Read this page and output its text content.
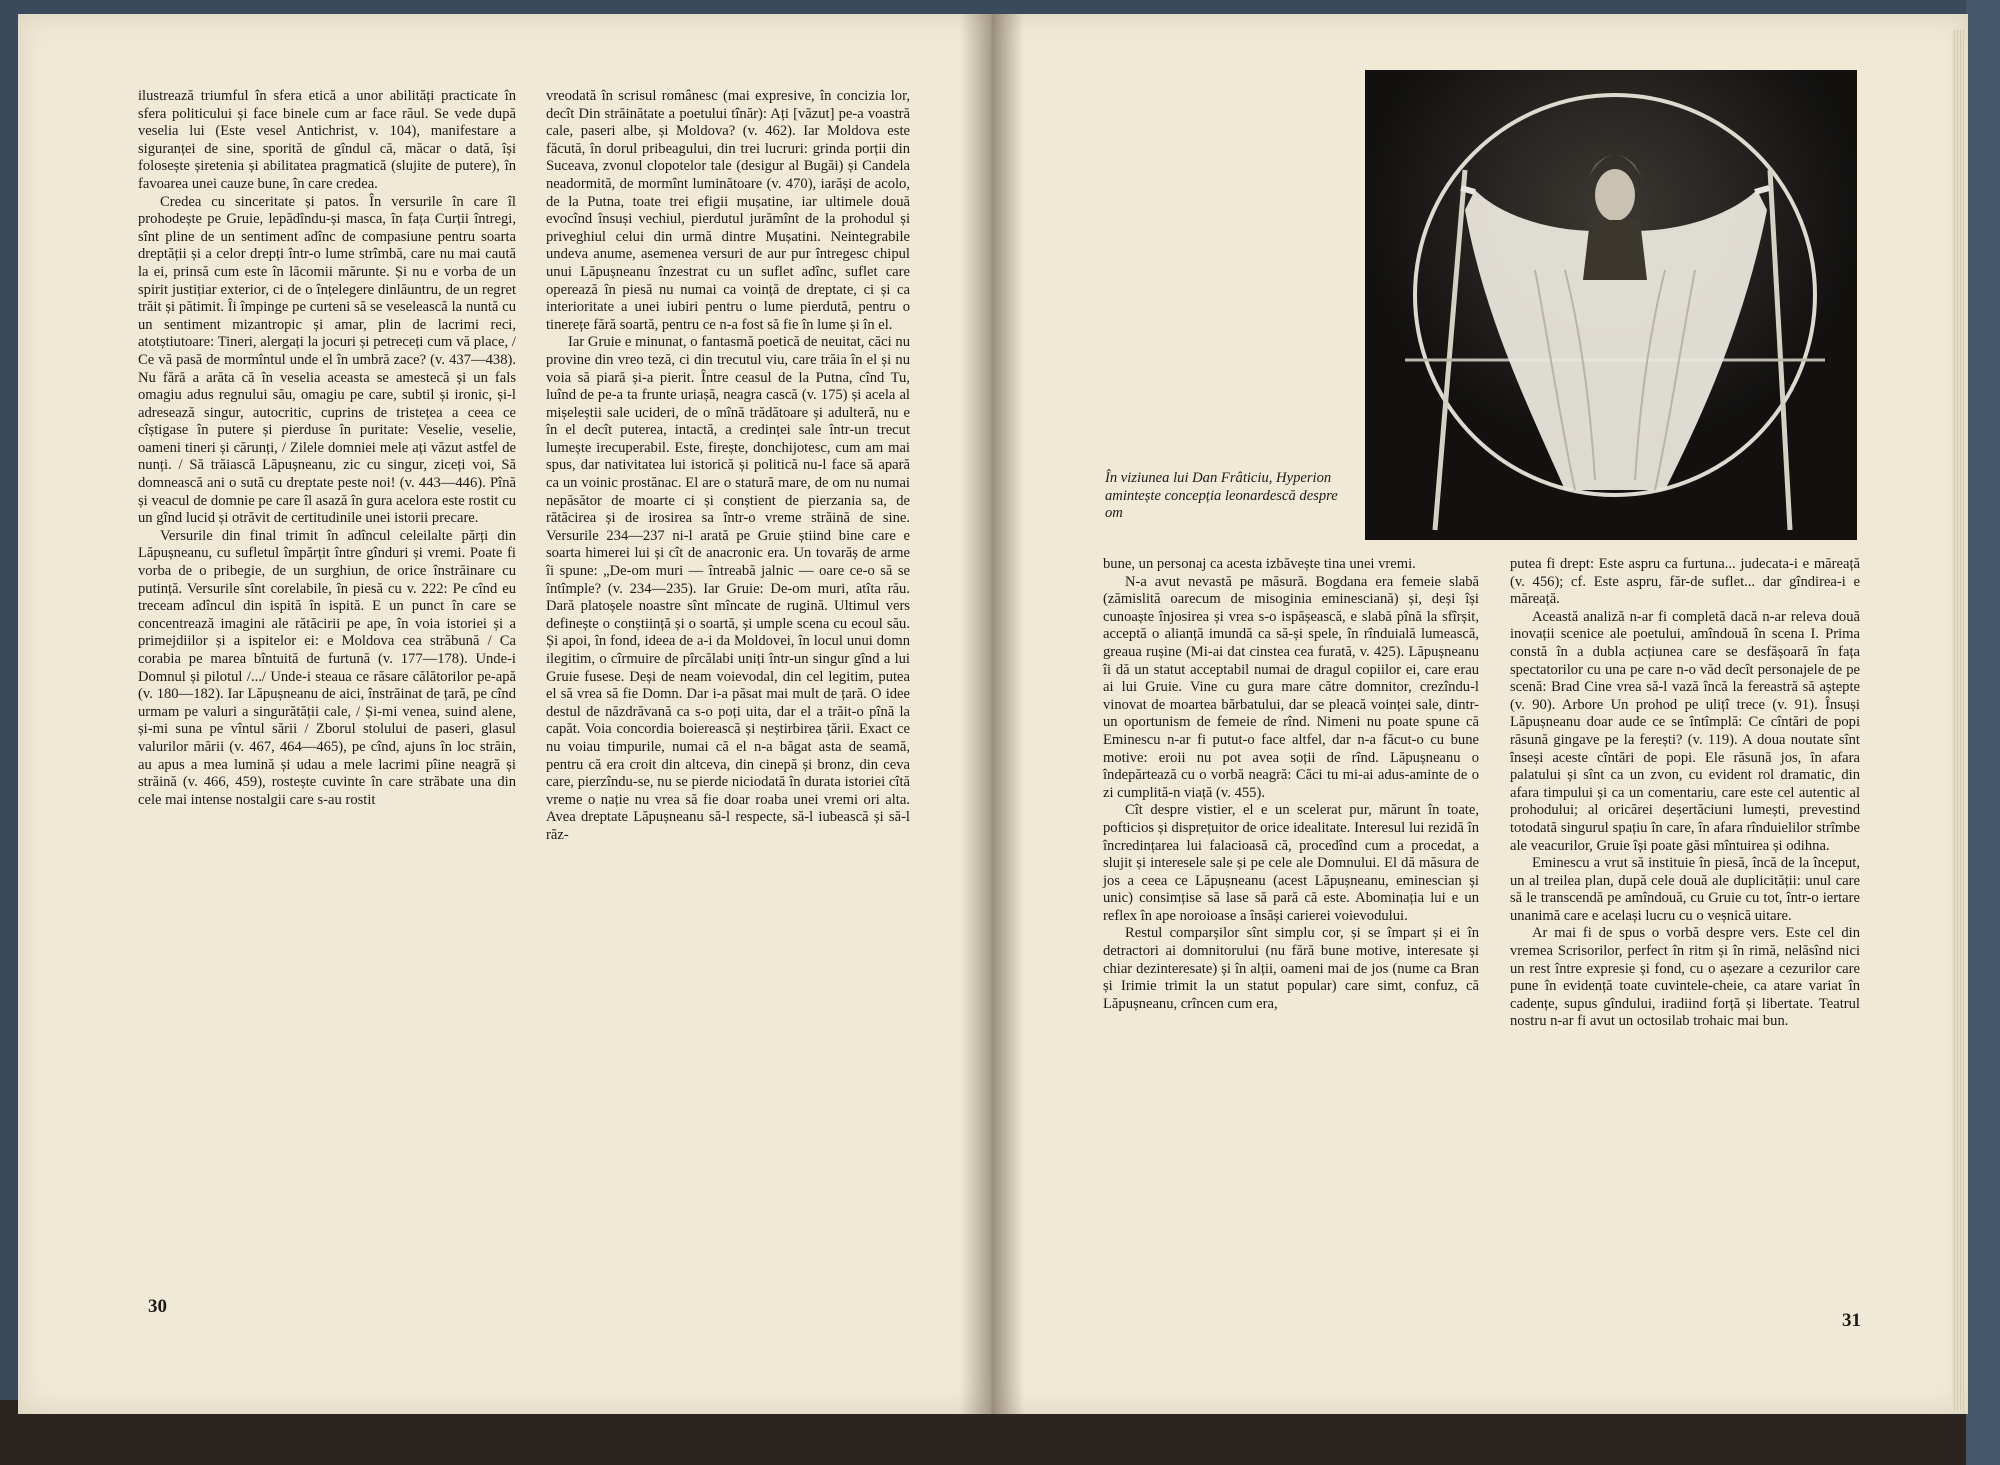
ilustrează triumful în sfera etică a unor abilități practicate în sfera politicului și face binele cum ar face răul. Se vede după veselia lui (Este vesel Antichrist, v. 104), manifestare a siguranței de sine, sporită de gîndul că, măcar o dată, își folosește șiretenia și abilitatea pragmatică (slujite de putere), în favoarea unei cauze bune, în care credea.

Credea cu sinceritate și patos. În versurile în care îl prohodește pe Gruie, lepădîndu-și masca, în fața Curții întregi, sînt pline de un sentiment adînc de compasiune pentru soarta dreptății și a celor drepți într-o lume strîmbă, care nu mai caută la ei, prinsă cum este în lăcomii mărunte. Și nu e vorba de un spirit justițiar exterior, ci de o înțelegere dinlăuntru, de un regret trăit și pătimit. Îi împinge pe curteni să se veselească la nuntă cu un sentiment mizantropic și amar, plin de lacrimi reci, atotștiutoare: Tineri, alergați la jocuri și petreceți cum vă place, / Ce vă pasă de mormîntul unde el în umbră zace? (v. 437—438). Nu fără a arăta că în veselia aceasta se amestecă și un fals omagiu adus regnului său, omagiu pe care, subtil și ironic, și-l adresează singur, autocritic, cuprins de tristețea a ceea ce cîștigase în putere și pierduse în puritate: Veselie, veselie, oameni tineri și cărunți, / Zilele domniei mele ați văzut astfel de nunți. / Să trăiască Lăpușneanu, zic cu singur, ziceți voi, Să domnească ani o sută cu dreptate peste noi! (v. 443—446). Pînă și veacul de domnie pe care îl asază în gura acelora este rostit cu un gînd lucid și otrăvit de certitudinile unei istorii precare.

Versurile din final trimit în adîncul celeilalte părți din Lăpușneanu, cu sufletul împărțit între gînduri și vremi. Poate fi vorba de o pribegie, de un surghiun, de orice înstrăinare cu putință. Versurile sînt corelabile, în piesă cu v. 222: Pe cînd eu treceam adîncul din ispită în ispită. E un punct în care se concentrează imagini ale rătăcirii pe ape, în voia istoriei și a primejdiilor și a ispitelor ei: e Moldova cea străbună / Ca corabia pe marea bîntuită de furtună (v. 177—178). Unde-i Domnul și pilotul /.../ Unde-i steaua ce răsare călătorilor pe-apă (v. 180—182). Iar Lăpușneanu de aici, înstrăinat de țară, pe cînd urmam pe valuri a singurătății cale, / Și-mi venea, suind alene, și-mi suna pe vîntul sării / Zborul stolului de paseri, glasul valurilor mării (v. 467, 464—465), pe cînd, ajuns în loc străin, au apus a mea lumină și udau a mele lacrimi pîine neagră și străină (v. 466, 459), rostește cuvinte în care străbate una din cele mai intense nostalgii care s-au rostit

vreodată în scrisul românesc (mai expresive, în concizia lor, decît Din străinătate a poetului tînăr): Ați [văzut] pe-a voastră cale, paseri albe, și Moldova? (v. 462). Iar Moldova este făcută, în dorul pribeagului, din trei lucruri: grinda porții din Suceava, zvonul clopotelor tale (desigur al Bugăi) și Candela neadormită, de mormînt luminătoare (v. 470), iarăși de acolo, de la Putna, toate trei efigii mușatine, iar ultimele două evocînd însuși vechiul, pierdutul jurămînt de la prohodul și priveghiul celui din urmă dintre Mușatini. Neintegrabile undeva anume, asemenea versuri de aur pur întregesc chipul unui Lăpușneanu înzestrat cu un suflet adînc, suflet care operează în piesă nu numai ca voință de dreptate, ci și ca interioritate a unei iubiri pentru o lume pierdută, pentru o tinerețe fără soartă, pentru ce n-a fost să fie în lume și în el.

Iar Gruie e minunat, o fantasmă poetică de neuitat, căci nu provine din vreo teză, ci din trecutul viu, care trăia în el și nu voia să piară și-a pierit. Între ceasul de la Putna, cînd Tu, luînd de pe-a ta frunte uriașă, neagra cască (v. 175) și acela al mișeleștii sale ucideri, de o mînă trădătoare și adulteră, nu e în el decît puterea, intactă, a credinței sale într-un trecut lumește irecuperabil. Este, firește, donchijotesc, cum am mai spus, dar nativitatea lui istorică și politică nu-l face să apară ca un voinic prostănac. El are o statură mare, de om nu numai nepăsător de moarte ci și conștient de pierzania sa, de rătăcirea și de irosirea sa într-o vreme străină de sine. Versurile 234—237 ni-l arată pe Gruie știind bine care e soarta himerei lui și cît de anacronic era. Un tovarăș de arme îi spune: „De-om muri — întreabă jalnic — oare ce-o să se întîmple? (v. 234—235). Iar Gruie: De-om muri, atîta rău. Dară platoșele noastre sînt mîncate de rugină. Ultimul vers definește o conștiință și o soartă, și umple scena cu ecoul său. Și apoi, în fond, ideea de a-i da Moldovei, în locul unui domn ilegitim, o cîrmuire de pîrcălabi uniți într-un singur gînd a lui Gruie fusese. Deși de neam voievodal, din cel legitim, putea el să vrea să fie Domn. Dar i-a păsat mai mult de țară. O idee destul de năzdrăvană ca s-o poți uita, dar el a trăit-o pînă la capăt. Voia concordia boierească și neștirbirea țării. Exact ce nu voiau timpurile, numai că el n-a băgat asta de seamă, pentru că era croit din altceva, din cinepă și bronz, din ceva care, pierzîndu-se, nu se pierde niciodată în durata istoriei cîtă vreme o nație nu vrea să fie doar roaba unei vremi ori alta. Avea dreptate Lăpușneanu să-l respecte, să-l iubească și să-l răz-

30
În viziunea lui Dan Frâticiu, Hyperion amintește concepția leonardescă despre om

bune, un personaj ca acesta izbăvește tina unei vremi.

N-a avut nevastă pe măsură. Bogdana era femeie slabă (zămislită oarecum de misoginia eminesciană) și, deși își cunoaște înjosirea și vrea s-o ispășească, e slabă pînă la sfîrșit, acceptă o alianță imundă ca să-și spele, în rînduială lumească, greaua rușine (Mi-ai dat cinstea cea furată, v. 425). Lăpușneanu îi dă un statut acceptabil numai de dragul copiilor ei, care erau ai lui Gruie. Vine cu gura mare către domnitor, crezîndu-l vinovat de moartea bărbatului, dar se pleacă voinței sale, dintr-un oportunism de femeie de rînd. Nimeni nu poate spune că Eminescu n-ar fi putut-o face altfel, dar n-a făcut-o cu bune motive: eroii nu pot avea soții de rînd. Lăpușneanu o îndepărtează cu o vorbă neagră: Căci tu mi-ai adus-aminte de o zi cumplită-n viață (v. 455).

Cît despre vistier, el e un scelerat pur, mărunt în toate, pofticios și disprețuitor de orice idealitate. Interesul lui rezidă în încredințarea lui falacioasă că, procedînd cum a procedat, a slujit și interesele sale și pe cele ale Domnului. El dă măsura de jos a ceea ce Lăpușneanu (acest Lăpușneanu, eminescian și unic) consimțise să lase să pară că este. Abominația lui e un reflex în ape noroioase a însăși carierei voievodului.

Restul comparșilor sînt simplu cor, și se împart și ei în detractori ai domnitorului (nu fără bune motive, interesate și chiar dezinteresate) și în alții, oameni mai de jos (nume ca Bran și Irimie trimit la un statut popular) care simt, confuz, că Lăpușneanu, crîncen cum era,

putea fi drept: Este aspru ca furtuna... judecata-i e măreață (v. 456); cf. Este aspru, făr-de suflet... dar gîndirea-i e măreață.

Această analiză n-ar fi completă dacă n-ar releva două inovații scenice ale poetului, amîndouă în scena I. Prima constă în a dubla acțiunea care se desfășoară în fața spectatorilor cu una pe care n-o văd decît personajele de pe scenă: Brad Cine vrea să-l vază încă la fereastră să aștepte (v. 90). Arbore Un prohod pe ulițî trece (v. 91). Însuși Lăpușneanu doar aude ce se întîmplă: Ce cîntări de popi răsună gingave pe la ferești? (v. 119). A doua noutate sînt înseși aceste cîntări de popi. Ele răsună jos, în afara palatului și sînt ca un zvon, cu evident rol dramatic, din afara timpului și ca un comentariu, care este cel autentic al prohodului; al oricărei deșertăciuni lumești, prevestind totodată singurul spațiu în care, în afara rînduielilor strîmbe ale veacurilor, Gruie își poate găsi mîntuirea și odihna.

Eminescu a vrut să instituie în piesă, încă de la început, un al treilea plan, după cele două ale duplicității: unul care să le transcendă pe amîndouă, cu Gruie cu tot, într-o iertare unanimă care e același lucru cu o veșnică uitare.

Ar mai fi de spus o vorbă despre vers. Este cel din vremea Scrisorilor, perfect în ritm și în rimă, nelăsînd nici un rest între expresie și fond, cu o așezare a cezurilor care pune în evidență toate cuvintele-cheie, ca atare variat în cadențe, supus gîndului, iradiind forță și libertate. Teatrul nostru n-ar fi avut un octosilab trohaic mai bun.

31
